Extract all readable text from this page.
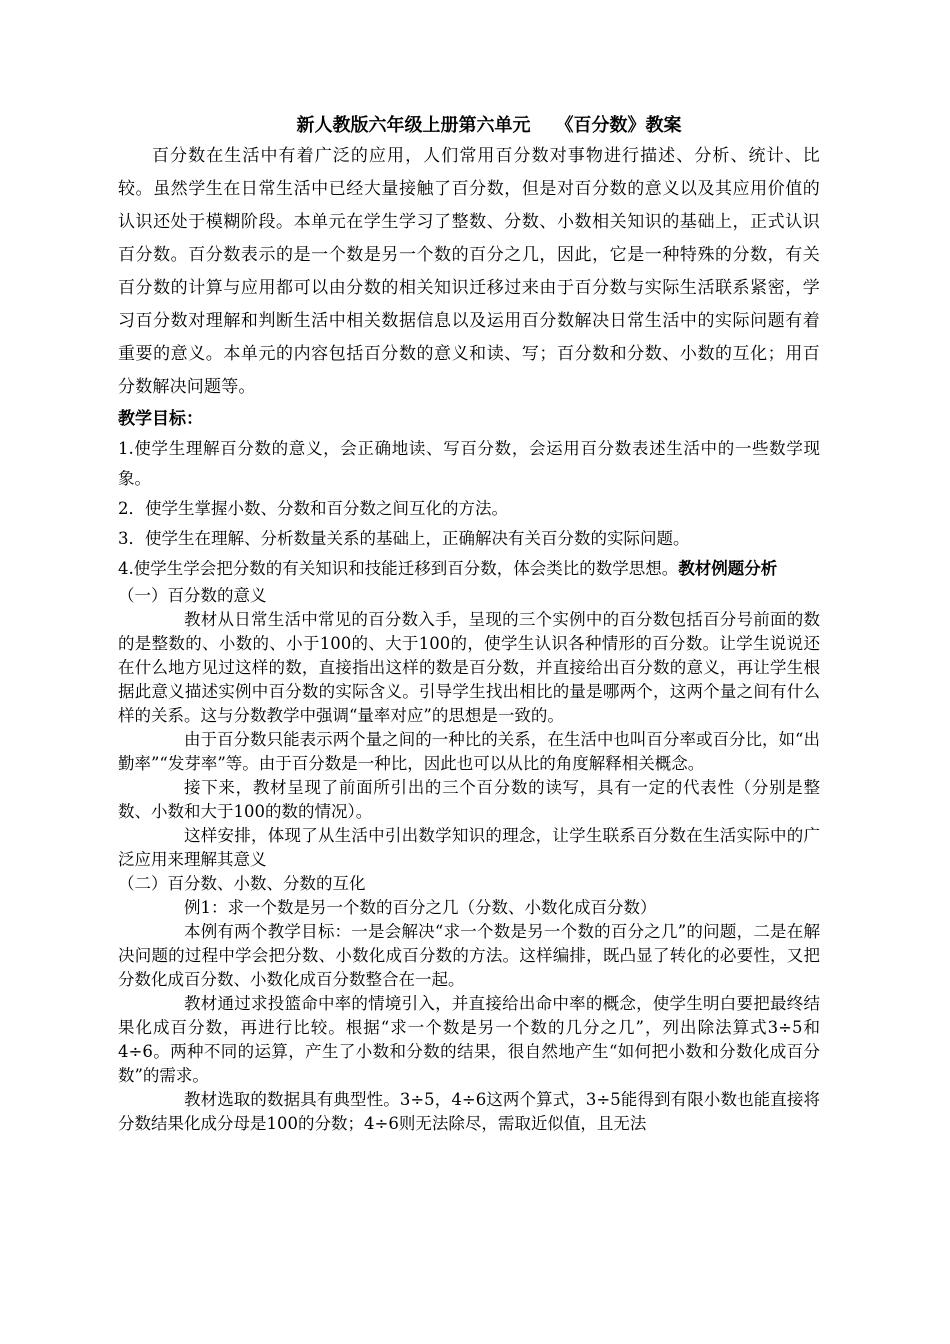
新人教版六年级上册第六单元    《百分数》教案

百分数在生活中有着广泛的应用，人们常用百分数对事物进行描述、分析、统计、比较。虽然学生在日常生活中已经大量接触了百分数，但是对百分数的意义以及其应用价值的认识还处于模糊阶段。本单元在学生学习了整数、分数、小数相关知识的基础上，正式认识百分数。百分数表示的是一个数是另一个数的百分之几，因此，它是一种特殊的分数，有关百分数的计算与应用都可以由分数的相关知识迁移过来由于百分数与实际生活联系紧密，学习百分数对理解和判断生活中相关数据信息以及运用百分数解决日常生活中的实际问题有着重要的意义。本单元的内容包括百分数的意义和读、写；百分数和分数、小数的互化；用百分数解决问题等。

教学目标：

1.使学生理解百分数的意义，会正确地读、写百分数，会运用百分数表述生活中的一些数学现象。

2．使学生掌握小数、分数和百分数之间互化的方法。

3．使学生在理解、分析数量关系的基础上，正确解决有关百分数的实际问题。

4.使学生学会把分数的有关知识和技能迁移到百分数，体会类比的数学思想。教材例题分析

（一）百分数的意义

教材从日常生活中常见的百分数入手，呈现的三个实例中的百分数包括百分号前面的数的是整数的、小数的、小于100的、大于100的，使学生认识各种情形的百分数。让学生说说还在什么地方见过这样的数，直接指出这样的数是百分数，并直接给出百分数的意义，再让学生根据此意义描述实例中百分数的实际含义。引导学生找出相比的量是哪两个，这两个量之间有什么样的关系。这与分数教学中强调“量率对应”的思想是一致的。

由于百分数只能表示两个量之间的一种比的关系，在生活中也叫百分率或百分比，如“出勤率”“发芽率”等。由于百分数是一种比，因此也可以从比的角度解释相关概念。

接下来，教材呈现了前面所引出的三个百分数的读写，具有一定的代表性（分别是整数、小数和大于100的数的情况）。

这样安排，体现了从生活中引出数学知识的理念，让学生联系百分数在生活实际中的广泛应用来理解其意义

（二）百分数、小数、分数的互化

例1：求一个数是另一个数的百分之几（分数、小数化成百分数）

本例有两个教学目标：一是会解决“求一个数是另一个数的百分之几”的问题，二是在解决问题的过程中学会把分数、小数化成百分数的方法。这样编排，既凸显了转化的必要性，又把分数化成百分数、小数化成百分数整合在一起。

教材通过求投篮命中率的情境引入，并直接给出命中率的概念，使学生明白要把最终结果化成百分数，再进行比较。根据“求一个数是另一个数的几分之几”，列出除法算式3÷5和4÷6。两种不同的运算，产生了小数和分数的结果，很自然地产生“如何把小数和分数化成百分数”的需求。

教材选取的数据具有典型性。3÷5，4÷6这两个算式，3÷5能得到有限小数也能直接将分数结果化成分母是100的分数；4÷6则无法除尽，需取近似值，且无法
